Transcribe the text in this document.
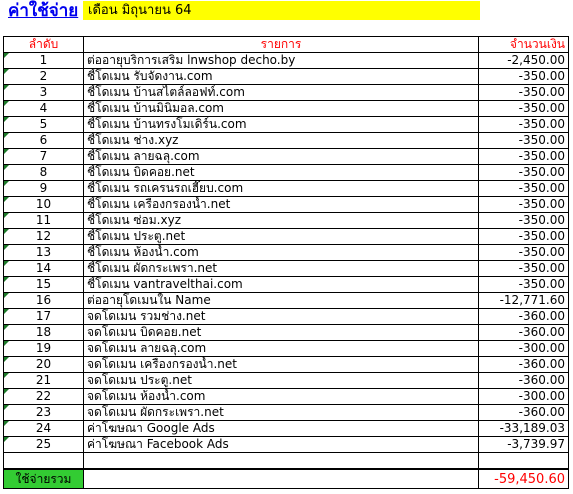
ค่าใช้จ่าย เดือน มิถุนายน 64
ลำดับ	รายการ	จำนวนเงิน
1	ต่ออายุบริการเสริม lnwshop decho.by	-2,450.00
2	ชี้โดเมน รับจัดงาน.com	-350.00
3	ชี้โดเมน บ้านสไตล์ลอฟท์.com	-350.00
4	ชี้โดเมน บ้านมินิมอล.com	-350.00
5	ชี้โดเมน บ้านทรงโมเดิร์น.com	-350.00
6	ชี้โดเมน ช่าง.xyz	-350.00
7	ชี้โดเมน ลายฉลุ.com	-350.00
8	ชี้โดเมน บิดคอย.net	-350.00
9	ชี้โดเมน รถเครนรถเฮี๊ยบ.com	-350.00
10	ชี้โดเมน เครื่องกรองน้ำ.net	-350.00
11	ชี้โดเมน ซ่อม.xyz	-350.00
12	ชี้โดเมน ประตู.net	-350.00
13	ชี้โดเมน ห้องน้ำ.com	-350.00
14	ชี้โดเมน ผัดกระเพรา.net	-350.00
15	ชี้โดเมน vantravelthai.com	-350.00
16	ต่ออายุโดเมนใน Name	-12,771.60
17	จดโดเมน รวมช่าง.net	-360.00
18	จดโดเมน บิดคอย.net	-360.00
19	จดโดเมน ลายฉลุ.com	-300.00
20	จดโดเมน เครื่องกรองน้ำ.net	-360.00
21	จดโดเมน ประตู.net	-360.00
22	จดโดเมน ห้องน้ำ.com	-300.00
23	จดโดเมน ผัดกระเพรา.net	-360.00
24	ค่าโฆษณา Google Ads	-33,189.03
25	ค่าโฆษณา Facebook Ads	-3,739.97

ใช้จ่ายรวม		-59,450.60
